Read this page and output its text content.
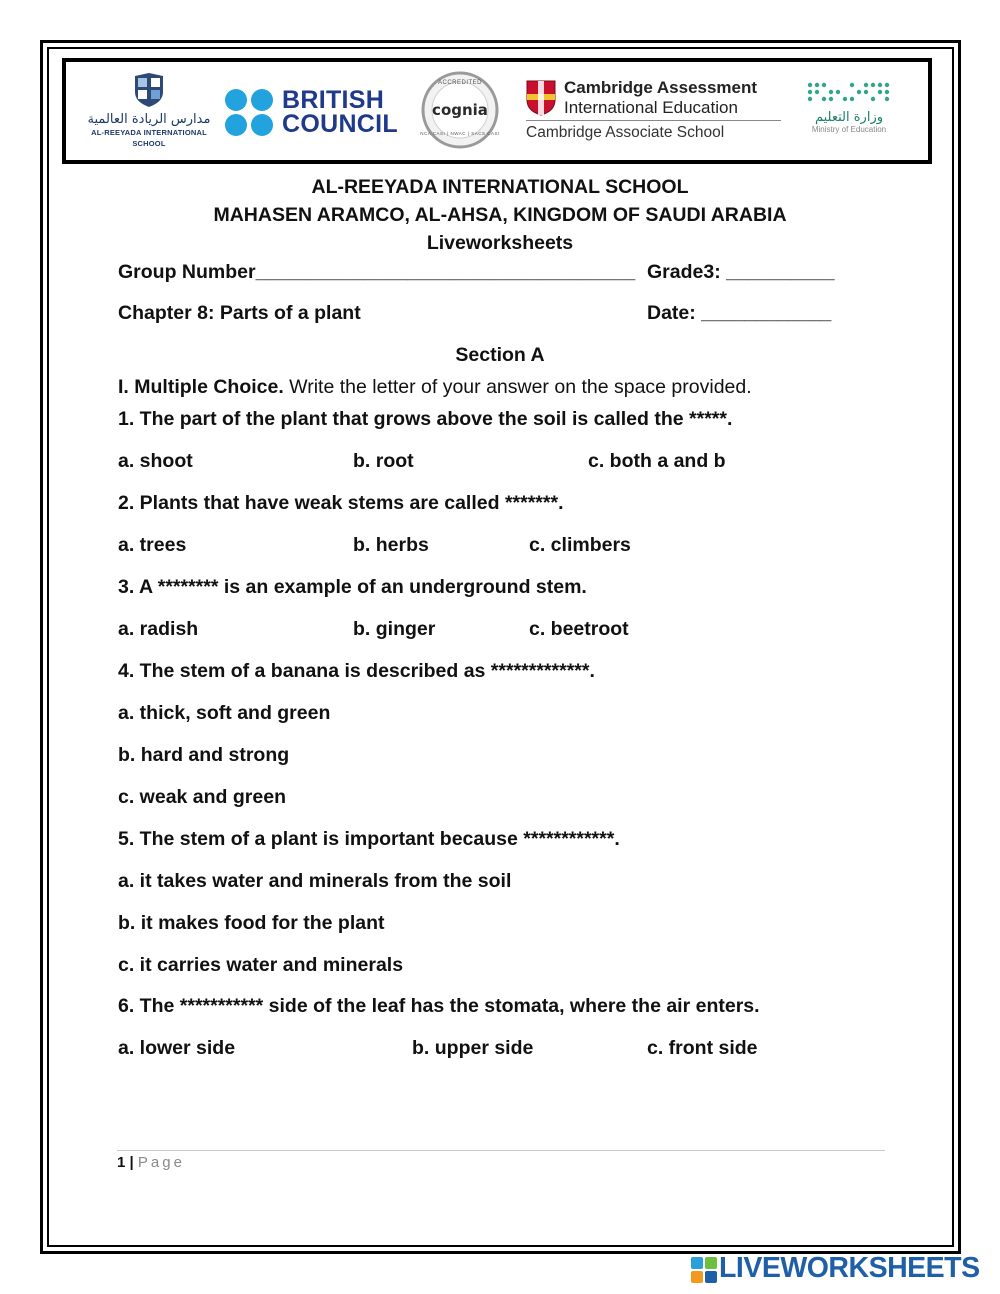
مدارس الريادة العالمية
AL-REEYADA INTERNATIONAL SCHOOL
BRITISH
COUNCIL
ACCREDITED
cognia
NCA CASI | NWAC | SACS CASI
Cambridge Assessment
International Education
Cambridge Associate School
وزارة التعليم
Ministry of Education
AL-REEYADA INTERNATIONAL SCHOOL
MAHASEN ARAMCO, AL-AHSA, KINGDOM OF SAUDI ARABIA
Liveworksheets
Group Number___________________________________ Grade3: __________
Chapter 8: Parts of a plant	Date: ____________
Section A
I. Multiple Choice. Write the letter of your answer on the space provided.
1. The part of the plant that grows above the soil is called the *****.
a. shoot	b. root	c. both a and b
2. Plants that have weak stems are called *******.
a. trees	b. herbs	c. climbers
3. A ******** is an example of an underground stem.
a. radish	b. ginger	c. beetroot
4. The stem of a banana is described as *************.
a. thick, soft and green
b. hard and strong
c. weak and green
5. The stem of a plant is important because ************.
a. it takes water and minerals from the soil
b. it makes food for the plant
c. it carries water and minerals
6. The *********** side of the leaf has the stomata, where the air enters.
a. lower side	b. upper side	c. front side
1 | Page
LIVEWORKSHEETS
